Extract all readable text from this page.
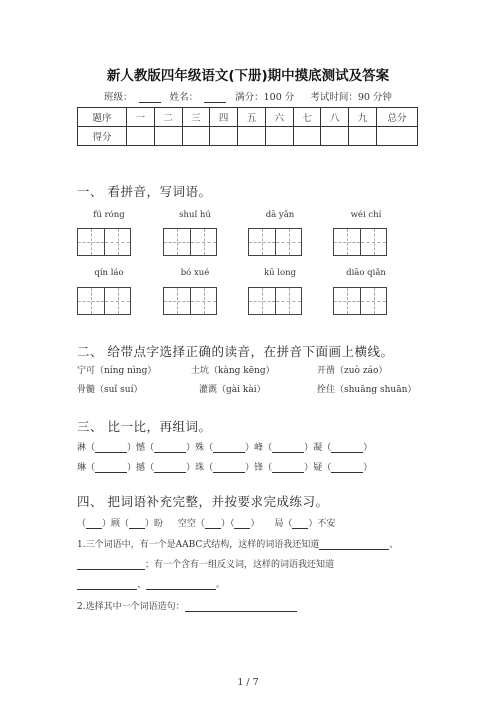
新人教版四年级语文(下册)期中摸底测试及答案
班级：	姓名：	满分：100 分 考试时间：90 分钟
题序	一	二	三	四	五	六	七	八	九	总分
得分										
一、 看拼音，写词语。
fú róng	shuǐ hú	dā yǎn	wéi chí
qín láo	bó xué	kū long	diāo qiǎn
二、 给带点字选择正确的读音，在拼音下面画上横线。
宁可（níng nìng）	土坑（kàng kēng）	开凿（zuò záo）
骨髓（suǐ suí）	灌溉（gài kài）	拴住（shuāng shuān）
三、 比一比，再组词。
淋（	）憾（	）殊（	）峰（	）凝（	）
琳（	）撼（	）珠（	）锋（	）疑（	）
四、 把词语补充完整，并按要求完成练习。
（ ）顾（ ）盼 空空（ ）（ ） 局（ ）不安
1.三个词语中，有一个是AABC式结构，这样的词语我还知道	、
；有一个含有一组反义词，这样的词语我还知道
、	。
2.选择其中一个词语造句：
1 / 7
